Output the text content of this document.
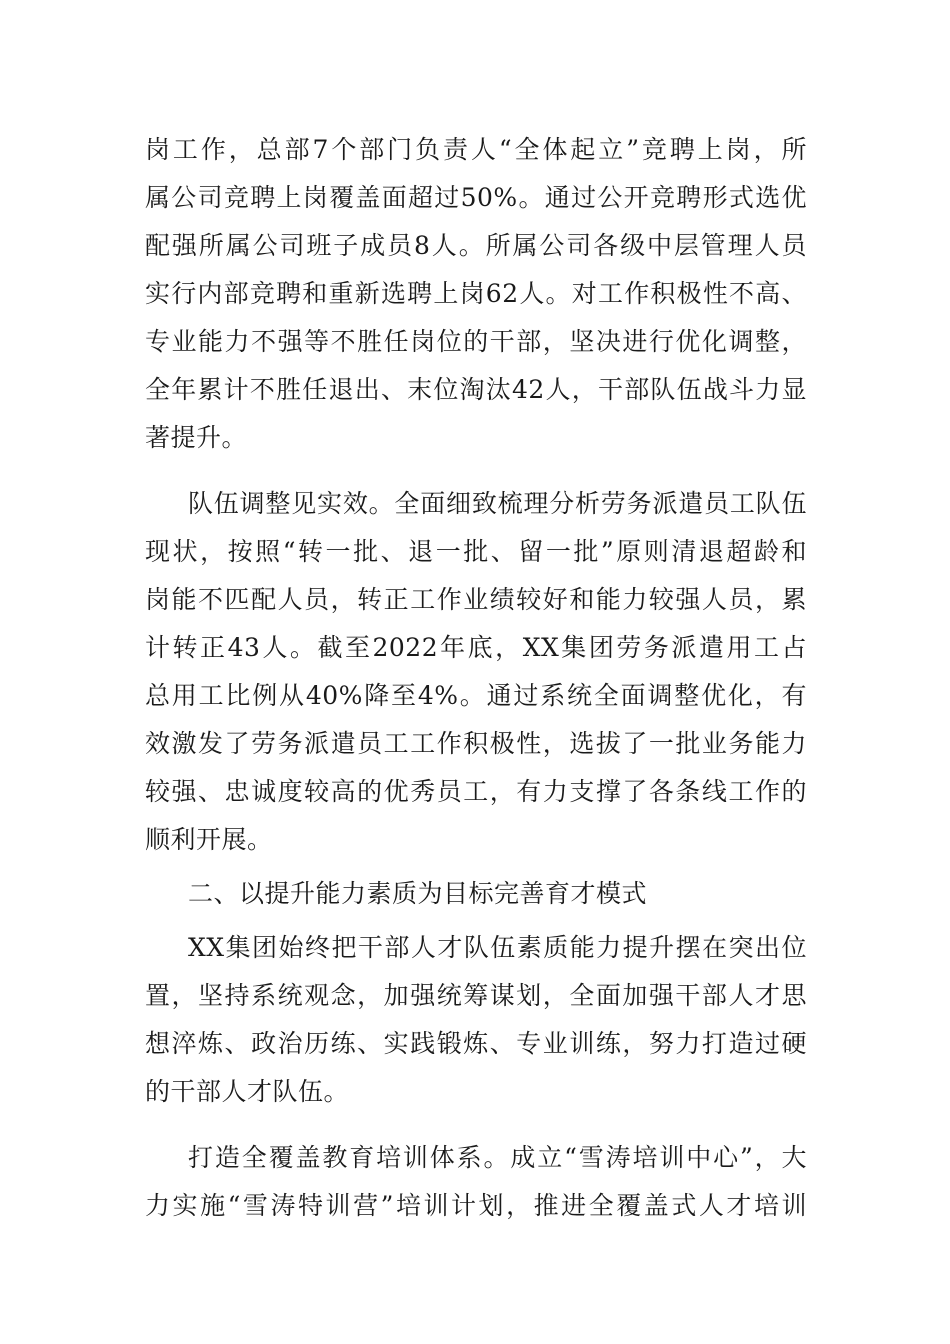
岗工作，总部7个部门负责人“全体起立”竞聘上岗，所
属公司竞聘上岗覆盖面超过50%。通过公开竞聘形式选优
配强所属公司班子成员8人。所属公司各级中层管理人员
实行内部竞聘和重新选聘上岗62人。对工作积极性不高、
专业能力不强等不胜任岗位的干部，坚决进行优化调整，
全年累计不胜任退出、末位淘汰42人，干部队伍战斗力显
著提升。
队伍调整见实效。全面细致梳理分析劳务派遣员工队伍
现状，按照“转一批、退一批、留一批”原则清退超龄和
岗能不匹配人员，转正工作业绩较好和能力较强人员，累
计转正43人。截至2022年底，XX集团劳务派遣用工占
总用工比例从40%降至4%。通过系统全面调整优化，有
效激发了劳务派遣员工工作积极性，选拔了一批业务能力
较强、忠诚度较高的优秀员工，有力支撑了各条线工作的
顺利开展。
二、以提升能力素质为目标完善育才模式
XX集团始终把干部人才队伍素质能力提升摆在突出位
置，坚持系统观念，加强统筹谋划，全面加强干部人才思
想淬炼、政治历练、实践锻炼、专业训练，努力打造过硬
的干部人才队伍。
打造全覆盖教育培训体系。成立“雪涛培训中心”，大
力实施“雪涛特训营”培训计划，推进全覆盖式人才培训
